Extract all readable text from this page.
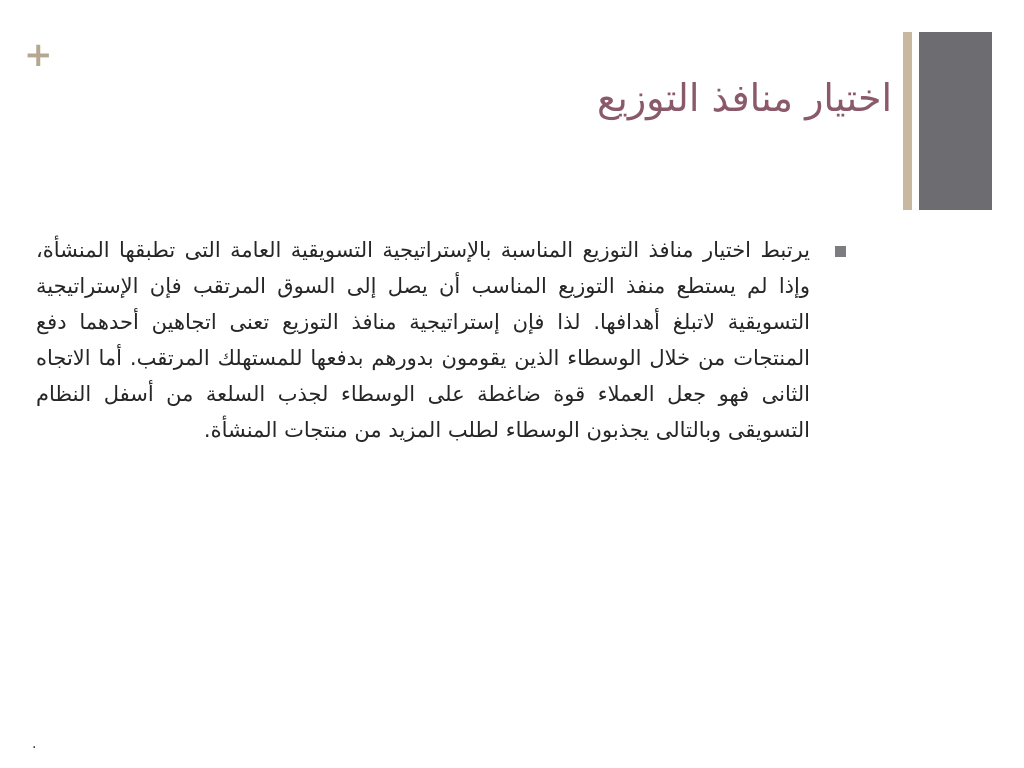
+
اختيار منافذ التوزيع

يرتبط اختيار منافذ التوزيع المناسبة بالإستراتيجية التسويقية العامة التى تطبقها المنشأة، وإذا لم يستطع منفذ التوزيع المناسب أن يصل إلى السوق المرتقب فإن الإستراتيجية التسويقية لاتبلغ أهدافها. لذا فإن إستراتيجية منافذ التوزيع تعنى اتجاهين أحدهما دفع المنتجات من خلال الوسطاء الذين يقومون بدورهم بدفعها للمستهلك المرتقب. أما الاتجاه الثانى فهو جعل العملاء قوة ضاغطة على الوسطاء لجذب السلعة من أسفل النظام التسويقى وبالتالى يجذبون الوسطاء لطلب المزيد من منتجات المنشأة.

.
